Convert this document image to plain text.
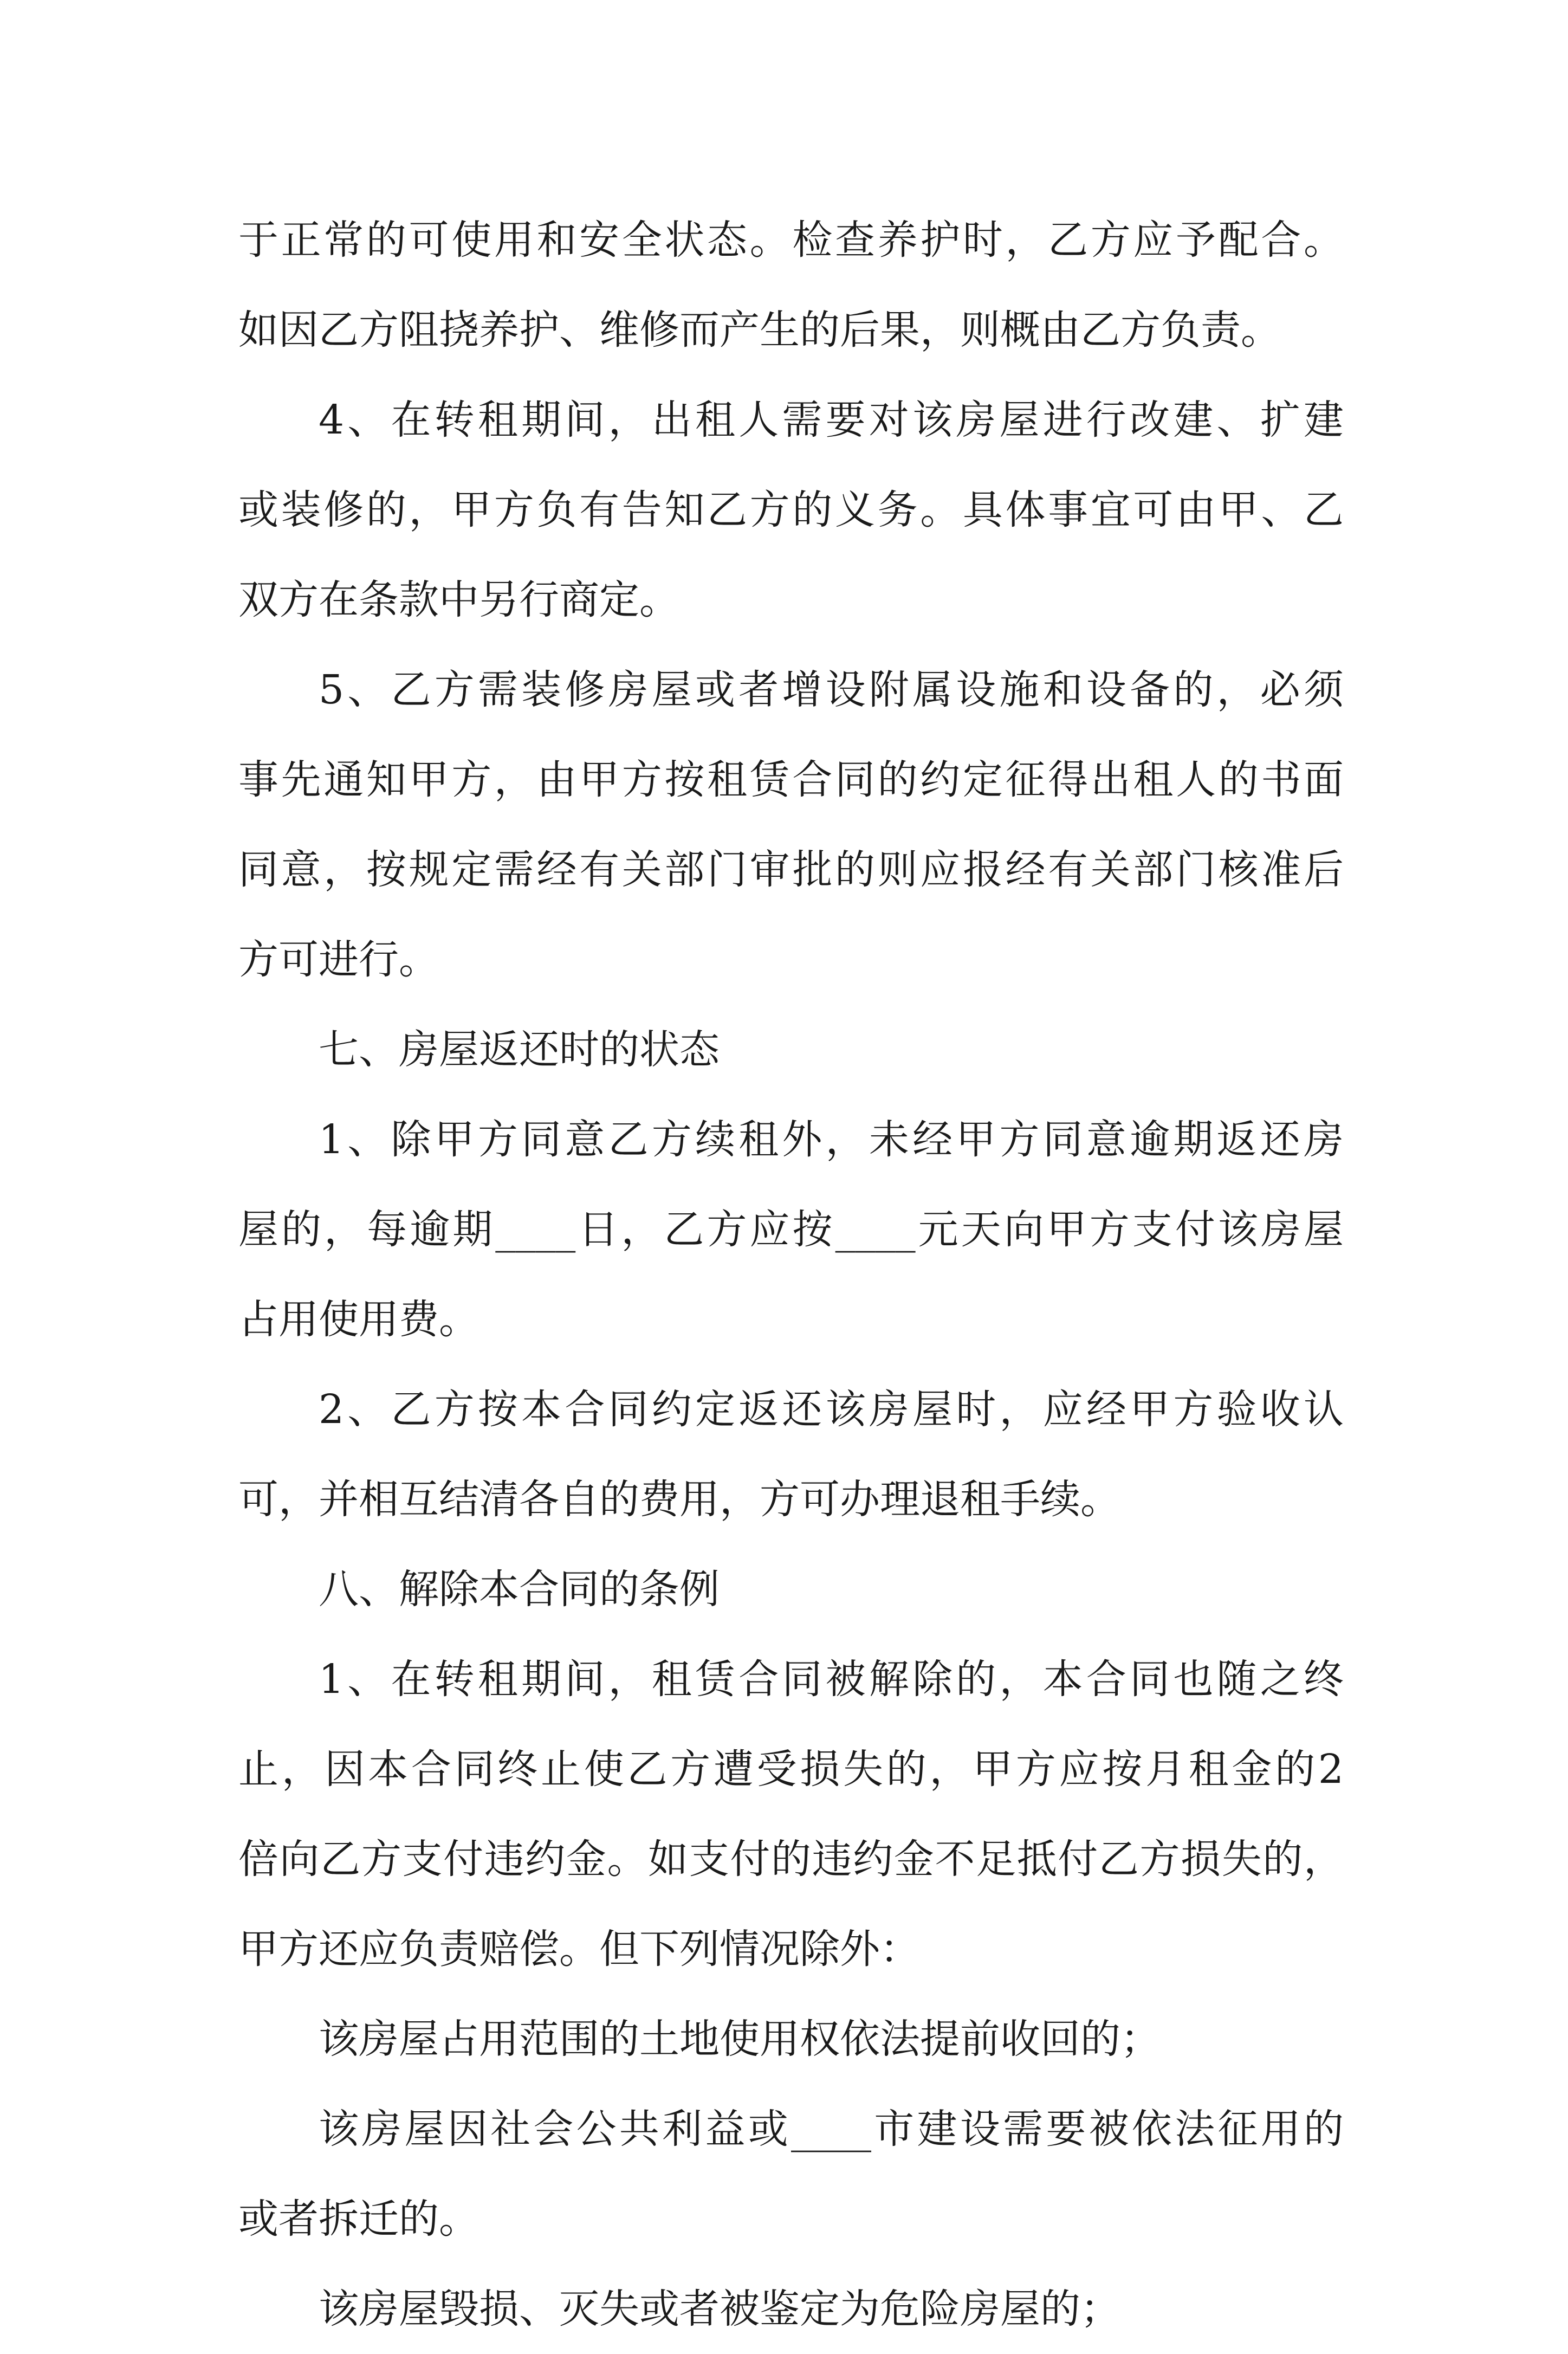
于正常的可使用和安全状态。检查养护时，乙方应予配合。
如因乙方阻挠养护、维修而产生的后果，则概由乙方负责。
4、在转租期间，出租人需要对该房屋进行改建、扩建
或装修的，甲方负有告知乙方的义务。具体事宜可由甲、乙
双方在条款中另行商定。
5、乙方需装修房屋或者增设附属设施和设备的，必须
事先通知甲方，由甲方按租赁合同的约定征得出租人的书面
同意，按规定需经有关部门审批的则应报经有关部门核准后
方可进行。
七、房屋返还时的状态
1、除甲方同意乙方续租外，未经甲方同意逾期返还房
屋的，每逾期____日，乙方应按____元天向甲方支付该房屋
占用使用费。
2、乙方按本合同约定返还该房屋时，应经甲方验收认
可，并相互结清各自的费用，方可办理退租手续。
八、解除本合同的条例
1、在转租期间，租赁合同被解除的，本合同也随之终
止，因本合同终止使乙方遭受损失的，甲方应按月租金的2
倍向乙方支付违约金。如支付的违约金不足抵付乙方损失的，
甲方还应负责赔偿。但下列情况除外：
该房屋占用范围的土地使用权依法提前收回的；
该房屋因社会公共利益或____市建设需要被依法征用的
或者拆迁的。
该房屋毁损、灭失或者被鉴定为危险房屋的；
